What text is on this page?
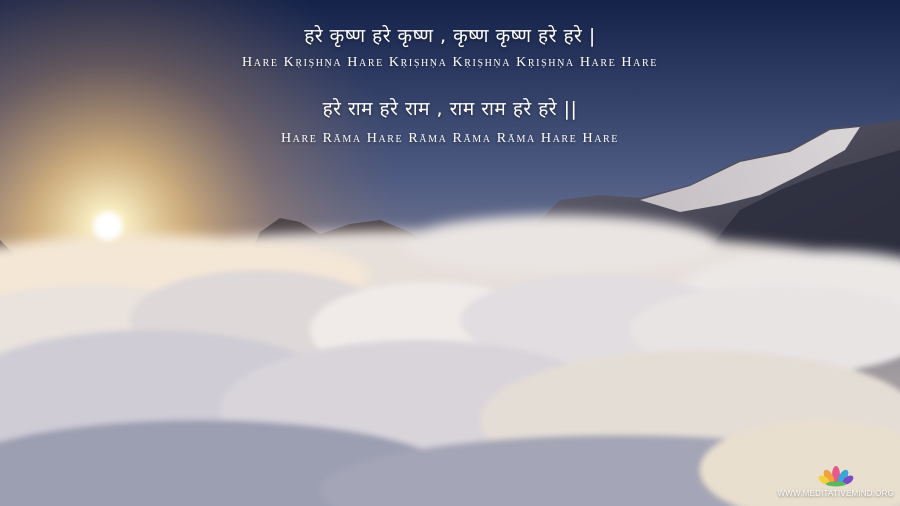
हरे कृष्ण हरे कृष्ण , कृष्ण कृष्ण हरे हरे |
Hare Kṛiṣhṇa Hare Kṛiṣhṇa Kṛiṣhṇa Kṛiṣhṇa Hare Hare
हरे राम हरे राम , राम राम हरे हरे ||
Hare Rāma Hare Rāma Rāma Rāma Hare Hare
WWW.MEDITATIVEMIND.ORG
